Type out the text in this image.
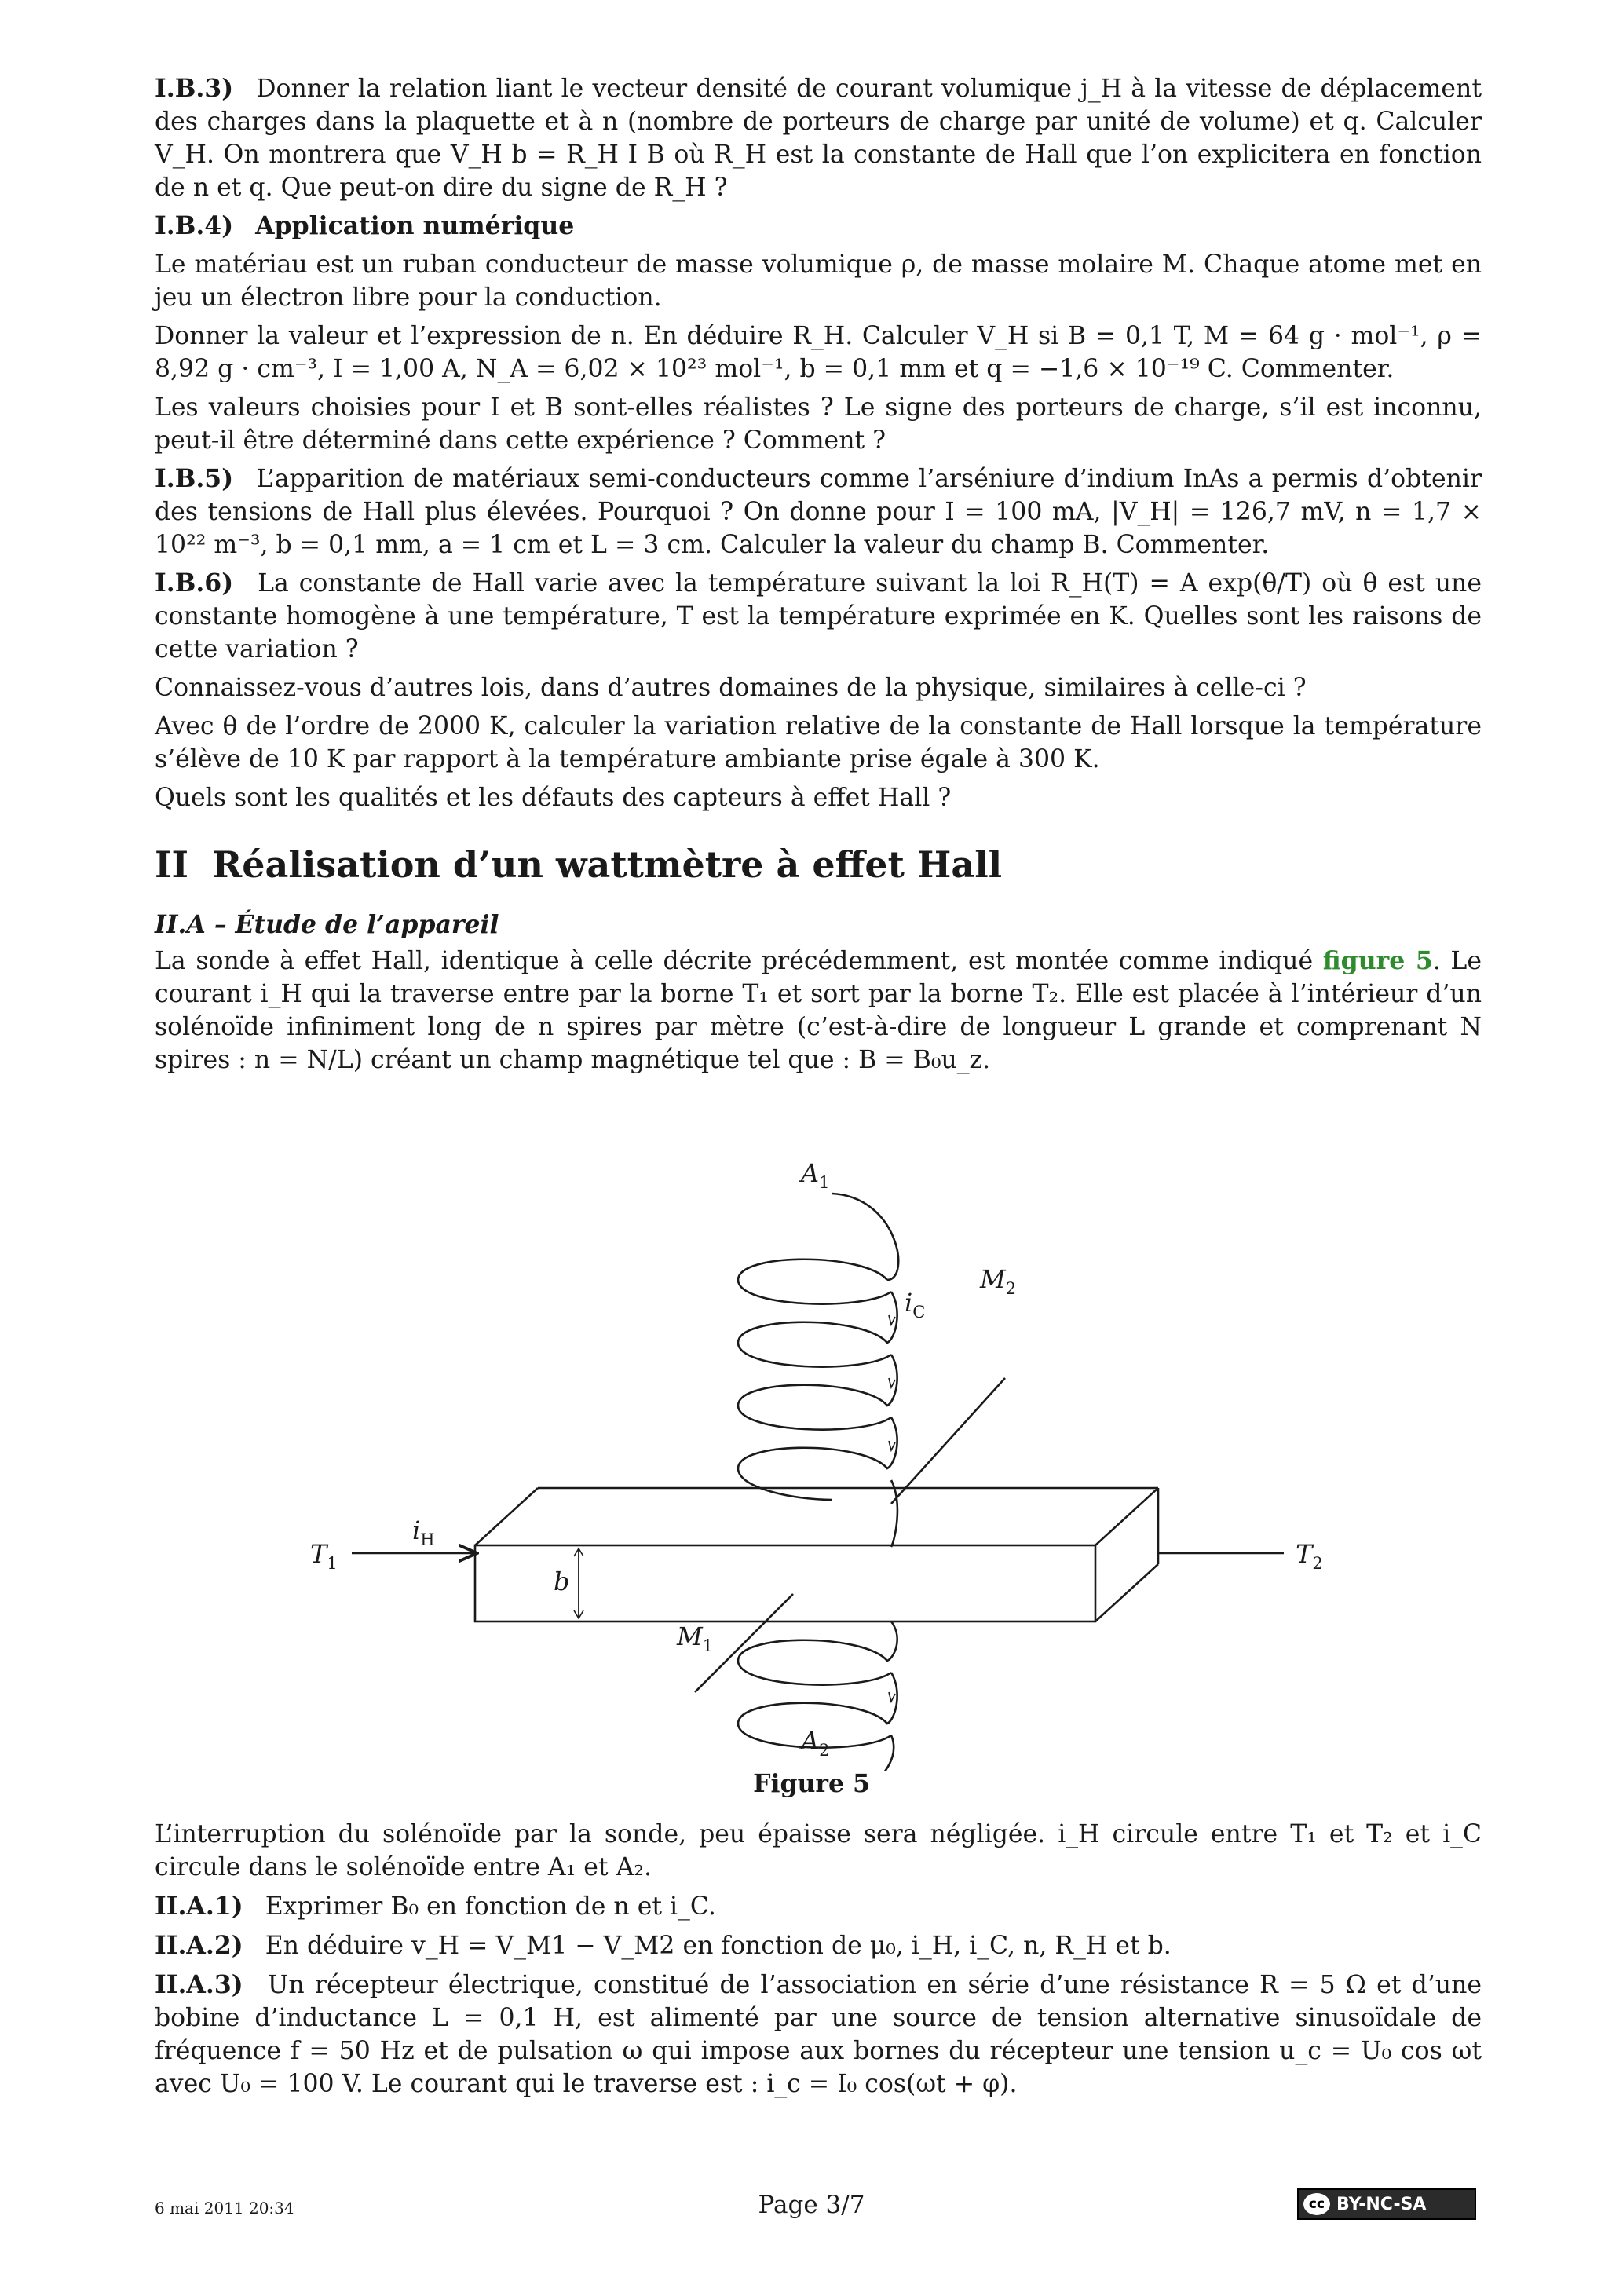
I.B.3) Donner la relation liant le vecteur densité de courant volumique j_H à la vitesse de déplacement des charges dans la plaquette et à n (nombre de porteurs de charge par unité de volume) et q. Calculer V_H. On montrera que V_H b = R_H I B où R_H est la constante de Hall que l’on explicitera en fonction de n et q. Que peut-on dire du signe de R_H ?

I.B.4) Application numérique

Le matériau est un ruban conducteur de masse volumique ρ, de masse molaire M. Chaque atome met en jeu un électron libre pour la conduction.

Donner la valeur et l’expression de n. En déduire R_H. Calculer V_H si B = 0,1 T, M = 64 g · mol⁻¹, ρ = 8,92 g · cm⁻³, I = 1,00 A, N_A = 6,02 × 10²³ mol⁻¹, b = 0,1 mm et q = −1,6 × 10⁻¹⁹ C. Commenter.

Les valeurs choisies pour I et B sont-elles réalistes ? Le signe des porteurs de charge, s’il est inconnu, peut-il être déterminé dans cette expérience ? Comment ?

I.B.5) L’apparition de matériaux semi-conducteurs comme l’arséniure d’indium InAs a permis d’obtenir des tensions de Hall plus élevées. Pourquoi ? On donne pour I = 100 mA, |V_H| = 126,7 mV, n = 1,7 × 10²² m⁻³, b = 0,1 mm, a = 1 cm et L = 3 cm. Calculer la valeur du champ B. Commenter.

I.B.6) La constante de Hall varie avec la température suivant la loi R_H(T) = A exp(θ/T) où θ est une constante homogène à une température, T est la température exprimée en K. Quelles sont les raisons de cette variation ?

Connaissez-vous d’autres lois, dans d’autres domaines de la physique, similaires à celle-ci ?

Avec θ de l’ordre de 2000 K, calculer la variation relative de la constante de Hall lorsque la température s’élève de 10 K par rapport à la température ambiante prise égale à 300 K.

Quels sont les qualités et les défauts des capteurs à effet Hall ?

II Réalisation d’un wattmètre à effet Hall

II.A – Étude de l’appareil

La sonde à effet Hall, identique à celle décrite précédemment, est montée comme indiqué figure 5. Le courant i_H qui la traverse entre par la borne T₁ et sort par la borne T₂. Elle est placée à l’intérieur d’un solénoïde infiniment long de n spires par mètre (c’est-à-dire de longueur L grande et comprenant N spires : n = N/L) créant un champ magnétique tel que : B = B₀u_z.

$A_1$
$i_C$
$M_2$
$T_1$
$i_H$	$T_2$
b
$M_1$
$A_2$
Figure 5

L’interruption du solénoïde par la sonde, peu épaisse sera négligée. i_H circule entre T₁ et T₂ et i_C circule dans le solénoïde entre A₁ et A₂.

II.A.1) Exprimer B₀ en fonction de n et i_C.

II.A.2) En déduire v_H = V_M1 − V_M2 en fonction de μ₀, i_H, i_C, n, R_H et b.

II.A.3) Un récepteur électrique, constitué de l’association en série d’une résistance R = 5 Ω et d’une bobine d’inductance L = 0,1 H, est alimenté par une source de tension alternative sinusoïdale de fréquence f = 50 Hz et de pulsation ω qui impose aux bornes du récepteur une tension u_c = U₀ cos ωt avec U₀ = 100 V. Le courant qui le traverse est : i_c = I₀ cos(ωt + φ).

6 mai 2011 20:34	Page 3/7	cc BY-NC-SA
